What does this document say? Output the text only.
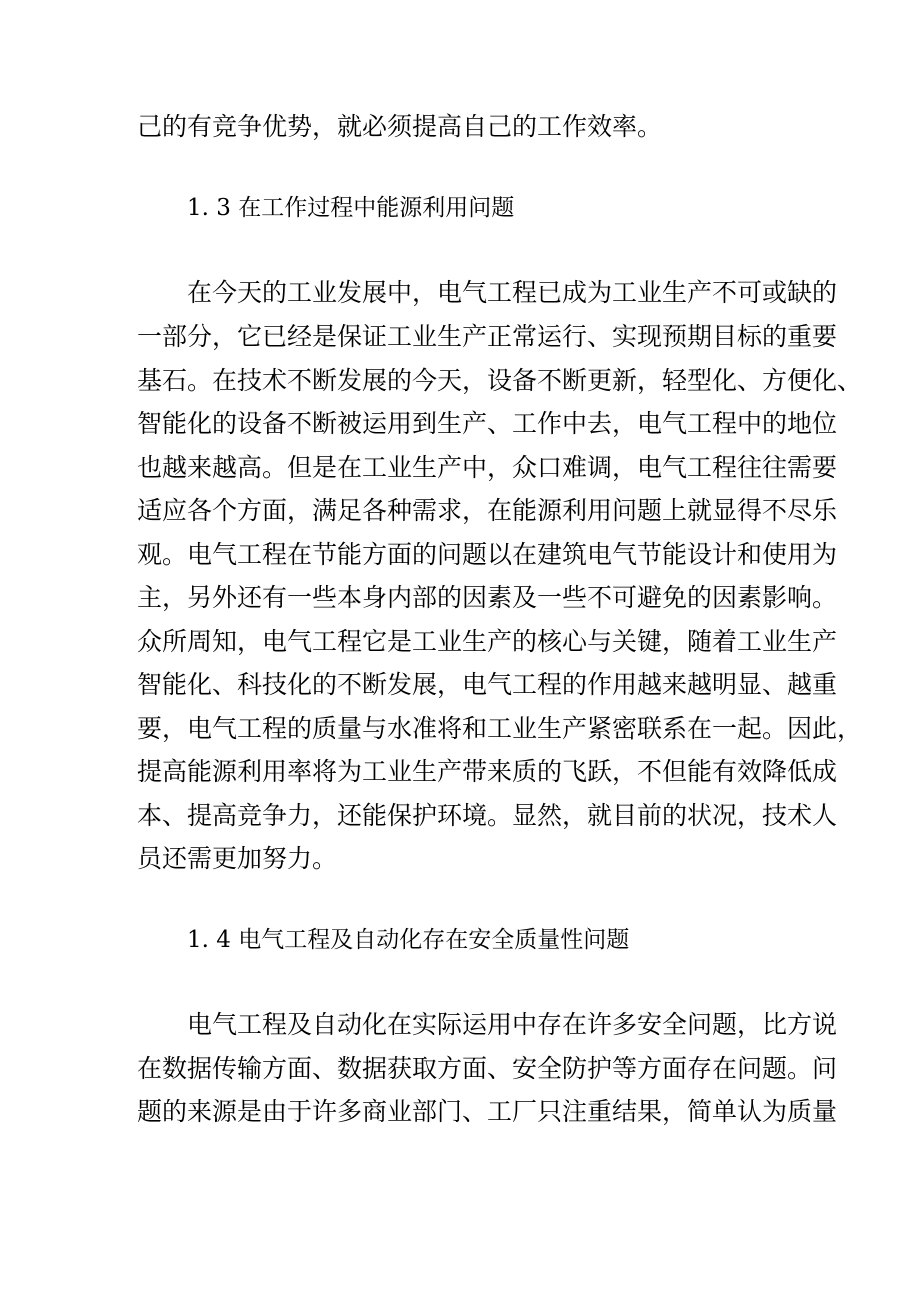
己的有竞争优势，就必须提高自己的工作效率。
1. 3 在工作过程中能源利用问题
在今天的工业发展中，电气工程已成为工业生产不可或缺的
一部分，它已经是保证工业生产正常运行、实现预期目标的重要
基石。在技术不断发展的今天，设备不断更新，轻型化、方便化、
智能化的设备不断被运用到生产、工作中去，电气工程中的地位
也越来越高。但是在工业生产中，众口难调，电气工程往往需要
适应各个方面，满足各种需求，在能源利用问题上就显得不尽乐
观。电气工程在节能方面的问题以在建筑电气节能设计和使用为
主，另外还有一些本身内部的因素及一些不可避免的因素影响。
众所周知，电气工程它是工业生产的核心与关键，随着工业生产
智能化、科技化的不断发展，电气工程的作用越来越明显、越重
要，电气工程的质量与水准将和工业生产紧密联系在一起。因此，
提高能源利用率将为工业生产带来质的飞跃，不但能有效降低成
本、提高竞争力，还能保护环境。显然，就目前的状况，技术人
员还需更加努力。
1. 4 电气工程及自动化存在安全质量性问题
电气工程及自动化在实际运用中存在许多安全问题，比方说
在数据传输方面、数据获取方面、安全防护等方面存在问题。问
题的来源是由于许多商业部门、工厂只注重结果，简单认为质量
